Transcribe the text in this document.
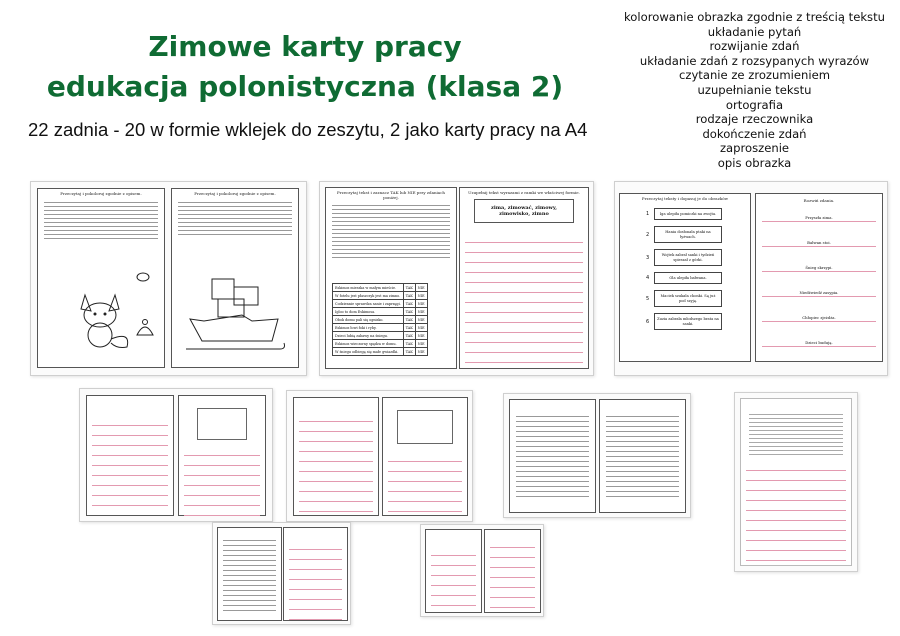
Zimowe karty pracy
edukacja polonistyczna (klasa 2)
22 zadnia - 20 w formie wklejek do zeszytu, 2 jako karty pracy na A4
kolorowanie obrazka zgodnie z treścią tekstu
układanie pytań
rozwijanie zdań
układanie zdań z rozsypanych wyrazów
czytanie ze zrozumieniem
uzupełnianie tekstu
ortografia
rodzaje rzeczownika
dokończenie zdań
zaproszenie
opis obrazka
Przeczytaj i pokoloruj zgodnie z opisem.	Przeczytaj i pokoloruj zgodnie z opisem.	Przeczytaj tekst i zaznacz TAK lub NIE przy zdaniach poniżej.
Eskimos mieszka w małym mieście.	TAK	NIE
W fotelu jest płaszczyk jest ma zimno.	TAK	NIE
Codziennie sprawdza sanie i zaprzęgi.	TAK	NIE
Igloo to dom Eskimosa.	TAK	NIE
Obok domu pali się ognisko.	TAK	NIE
Eskimos łowi foki i ryby.	TAK	NIE
Dzieci lubią zabawy na śniegu.	TAK	NIE
Eskimos wieczorny spędza w domu.	TAK	NIE
W śniegu odbiegą się małe gwiazdki.	TAK	NIE
Uzupełnij tekst wyrazami z ramki we właściwej formie.
zima, zimować, zimowy, zimowisko, zimno
Przeczytaj teksty i dopasuj je do obrazków
1	Iga ulepiła pomiczki na zwojta.
2	Hania dosłonała ptaki na łyżwach.
3	Wojtek zabrał sanki i tydzień spieszał z górki.
4	Ola ulepiła bałwana.
5	Maciek szukała chonki. Są już pod szyją.
6	Zuzia zabrała młodszego brata na sanki.
Rozwiń zdania.
Przyszła zima.
Bałwan stoi.
Śnieg skrzypi.
Niedźwiedź zasypia.
Chłopiec zjeżdża.
Dzieci budują.
